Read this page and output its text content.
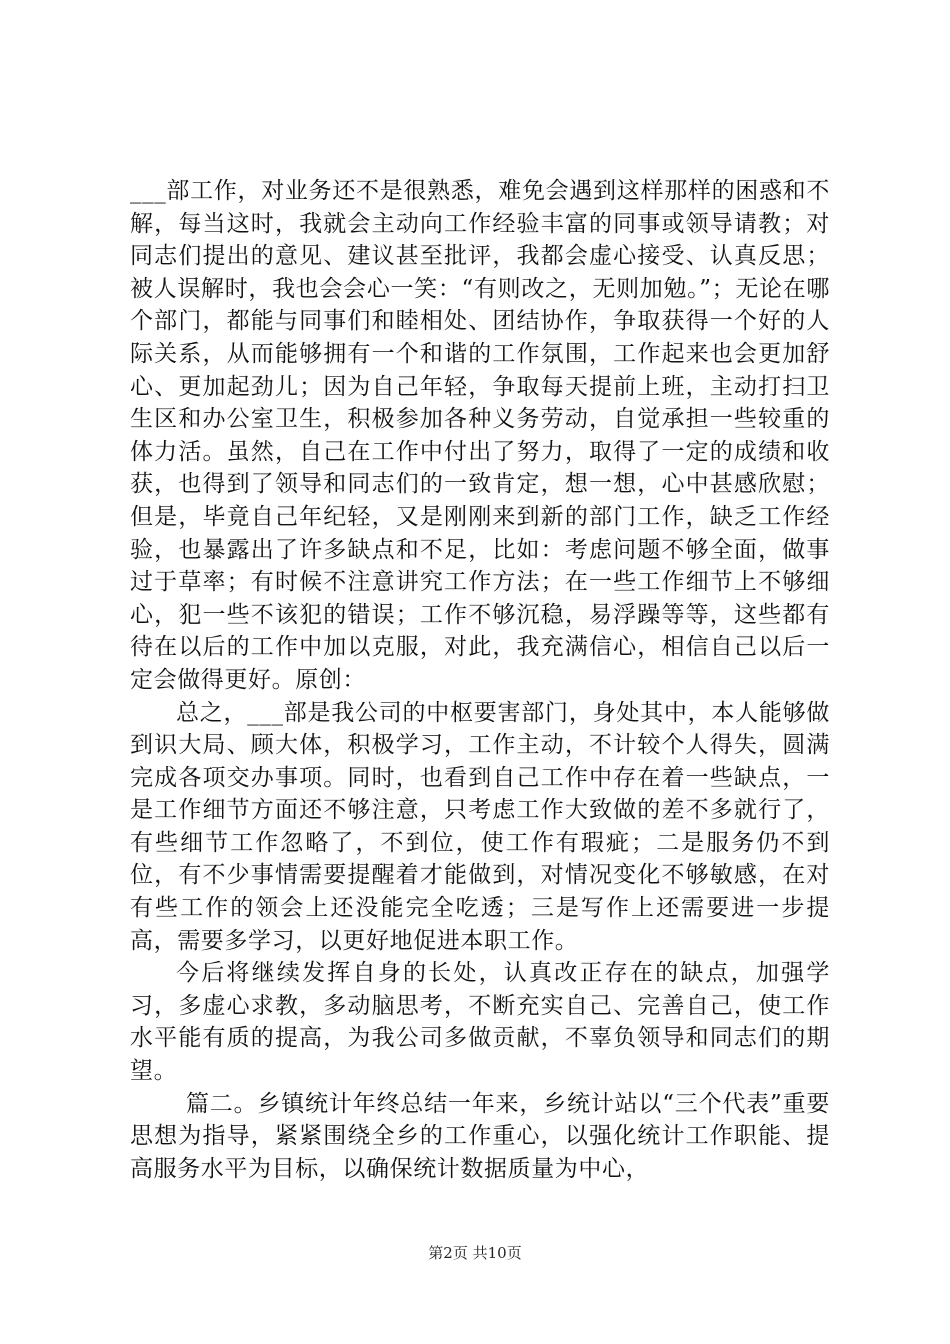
___部工作，对业务还不是很熟悉，难免会遇到这样那样的困惑和不解，每当这时，我就会主动向工作经验丰富的同事或领导请教；对同志们提出的意见、建议甚至批评，我都会虚心接受、认真反思；被人误解时，我也会会心一笑：“有则改之，无则加勉。”；无论在哪个部门，都能与同事们和睦相处、团结协作，争取获得一个好的人际关系，从而能够拥有一个和谐的工作氛围，工作起来也会更加舒心、更加起劲儿；因为自己年轻，争取每天提前上班，主动打扫卫生区和办公室卫生，积极参加各种义务劳动，自觉承担一些较重的体力活。虽然，自己在工作中付出了努力，取得了一定的成绩和收获，也得到了领导和同志们的一致肯定，想一想，心中甚感欣慰；但是，毕竟自己年纪轻，又是刚刚来到新的部门工作，缺乏工作经验，也暴露出了许多缺点和不足，比如：考虑问题不够全面，做事过于草率；有时候不注意讲究工作方法；在一些工作细节上不够细心，犯一些不该犯的错误；工作不够沉稳，易浮躁等等，这些都有待在以后的工作中加以克服，对此，我充满信心，相信自己以后一定会做得更好。原创：

总之，___部是我公司的中枢要害部门，身处其中，本人能够做到识大局、顾大体，积极学习，工作主动，不计较个人得失，圆满完成各项交办事项。同时，也看到自己工作中存在着一些缺点，一是工作细节方面还不够注意，只考虑工作大致做的差不多就行了，有些细节工作忽略了，不到位，使工作有瑕疵；二是服务仍不到位，有不少事情需要提醒着才能做到，对情况变化不够敏感，在对有些工作的领会上还没能完全吃透；三是写作上还需要进一步提高，需要多学习，以更好地促进本职工作。

今后将继续发挥自身的长处，认真改正存在的缺点，加强学习，多虚心求教，多动脑思考，不断充实自己、完善自己，使工作水平能有质的提高，为我公司多做贡献，不辜负领导和同志们的期望。

篇二。乡镇统计年终总结一年来，乡统计站以“三个代表”重要思想为指导，紧紧围绕全乡的工作重心，以强化统计工作职能、提高服务水平为目标，以确保统计数据质量为中心，

第2页 共10页
